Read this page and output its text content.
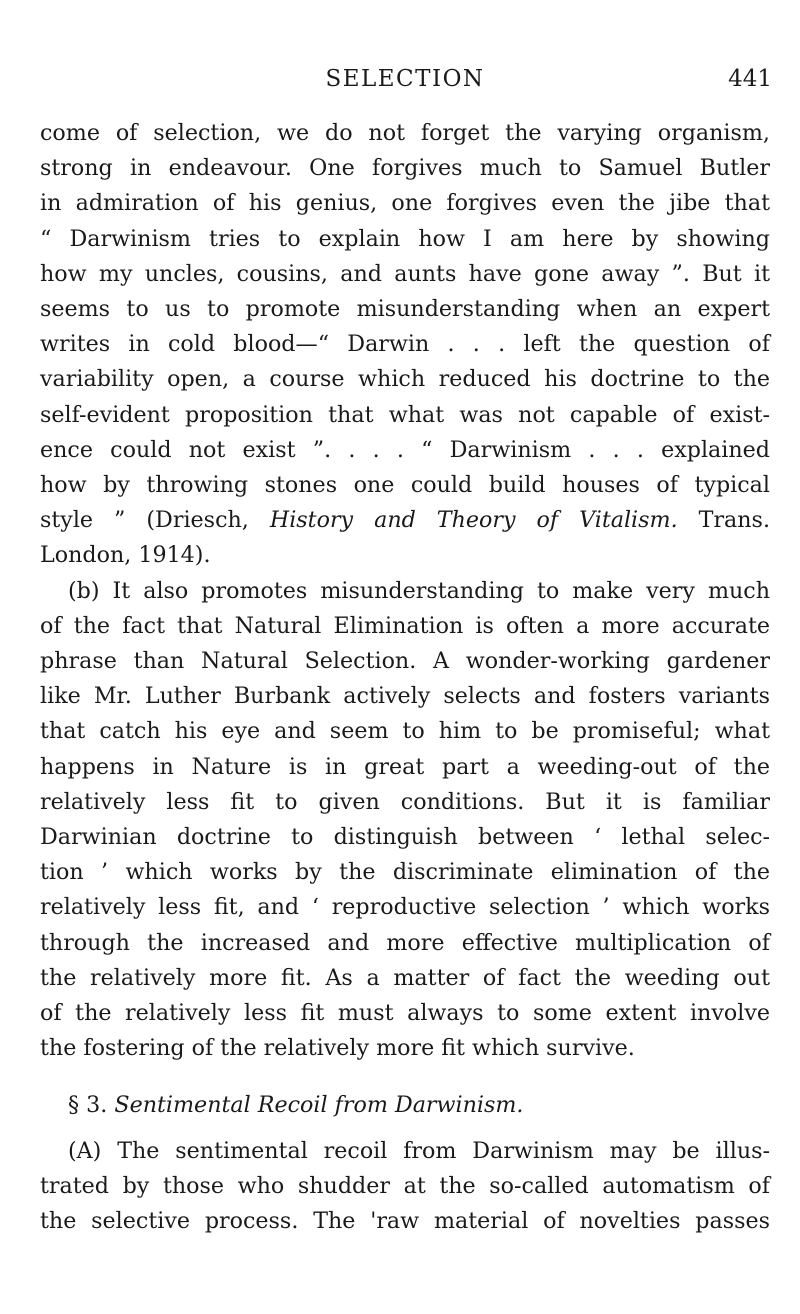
SELECTION	441

come of selection, we do not forget the varying organism,
strong in endeavour. One forgives much to Samuel Butler
in admiration of his genius, one forgives even the jibe that
“ Darwinism tries to explain how I am here by showing
how my uncles, cousins, and aunts have gone away ”. But it
seems to us to promote misunderstanding when an expert
writes in cold blood—“ Darwin . . . left the question of
variability open, a course which reduced his doctrine to the
self-evident proposition that what was not capable of exist-
ence could not exist ”. . . . “ Darwinism . . . explained
how by throwing stones one could build houses of typical
style ” (Driesch, History and Theory of Vitalism. Trans.
London, 1914).

(b) It also promotes misunderstanding to make very much
of the fact that Natural Elimination is often a more accurate
phrase than Natural Selection. A wonder-working gardener
like Mr. Luther Burbank actively selects and fosters variants
that catch his eye and seem to him to be promiseful; what
happens in Nature is in great part a weeding-out of the
relatively less fit to given conditions. But it is familiar
Darwinian doctrine to distinguish between ‘ lethal selec-
tion ’ which works by the discriminate elimination of the
relatively less fit, and ‘ reproductive selection ’ which works
through the increased and more effective multiplication of
the relatively more fit. As a matter of fact the weeding out
of the relatively less fit must always to some extent involve
the fostering of the relatively more fit which survive.

§ 3. Sentimental Recoil from Darwinism.

(A) The sentimental recoil from Darwinism may be illus-
trated by those who shudder at the so-called automatism of
the selective process. The 'raw material of novelties passes
